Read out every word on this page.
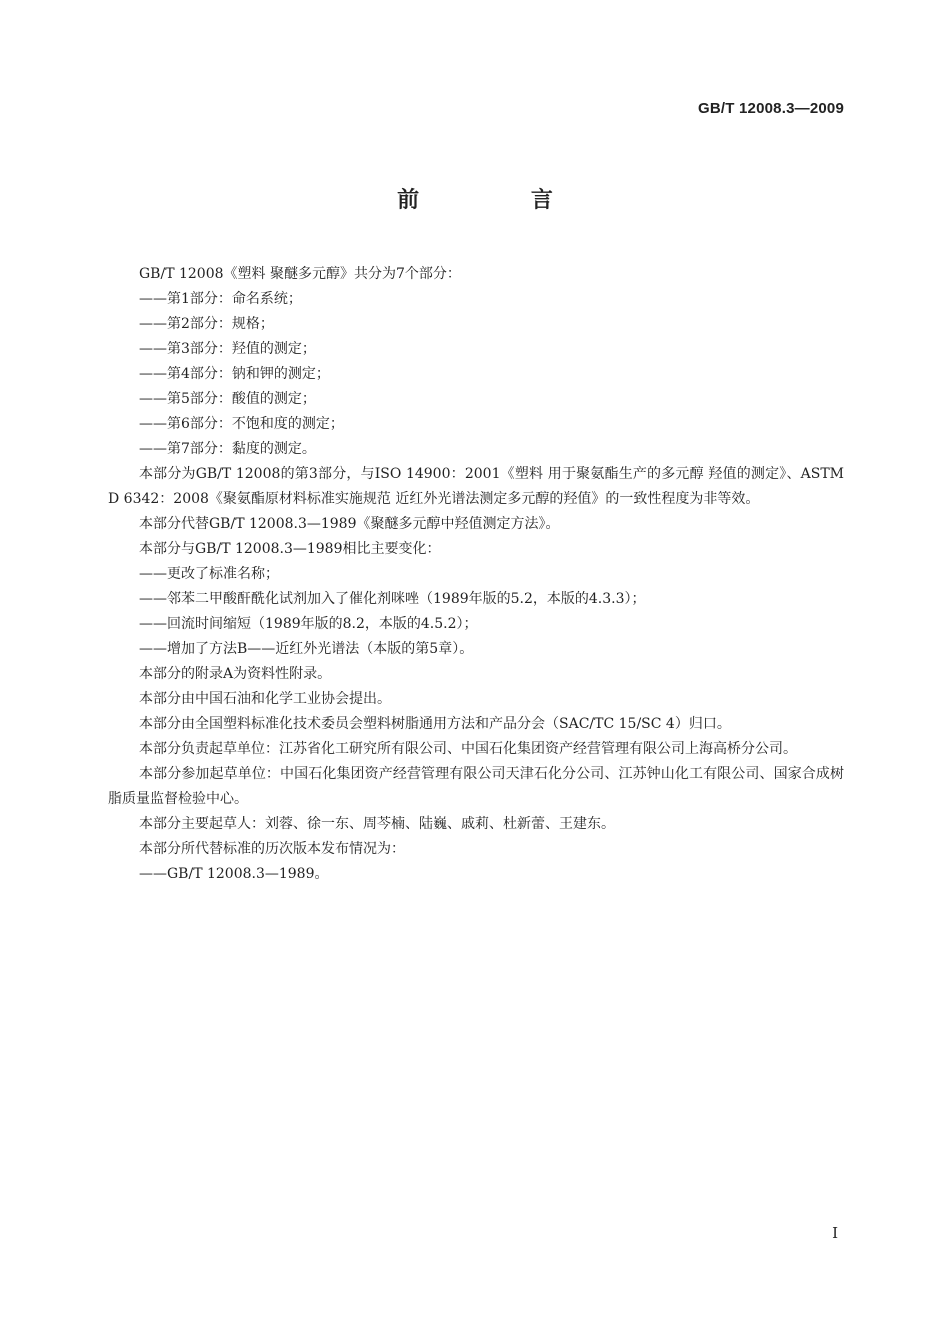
GB/T 12008.3—2009
前 言

GB/T 12008《塑料 聚醚多元醇》共分为7个部分：

——第1部分：命名系统；

——第2部分：规格；

——第3部分：羟值的测定；

——第4部分：钠和钾的测定；

——第5部分：酸值的测定；

——第6部分：不饱和度的测定；

——第7部分：黏度的测定。

本部分为GB/T 12008的第3部分，与ISO 14900：2001《塑料 用于聚氨酯生产的多元醇 羟值的测定》、ASTM D 6342：2008《聚氨酯原材料标准实施规范 近红外光谱法测定多元醇的羟值》的一致性程度为非等效。

本部分代替GB/T 12008.3—1989《聚醚多元醇中羟值测定方法》。

本部分与GB/T 12008.3—1989相比主要变化：

——更改了标准名称；

——邻苯二甲酸酐酰化试剂加入了催化剂咪唑（1989年版的5.2，本版的4.3.3）；

——回流时间缩短（1989年版的8.2，本版的4.5.2）；

——增加了方法B——近红外光谱法（本版的第5章）。

本部分的附录A为资料性附录。

本部分由中国石油和化学工业协会提出。

本部分由全国塑料标准化技术委员会塑料树脂通用方法和产品分会（SAC/TC 15/SC 4）归口。

本部分负责起草单位：江苏省化工研究所有限公司、中国石化集团资产经营管理有限公司上海高桥分公司。

本部分参加起草单位：中国石化集团资产经营管理有限公司天津石化分公司、江苏钟山化工有限公司、国家合成树脂质量监督检验中心。

本部分主要起草人：刘蓉、徐一东、周芩楠、陆巍、戚莉、杜新蕾、王建东。

本部分所代替标准的历次版本发布情况为：

——GB/T 12008.3—1989。

I
